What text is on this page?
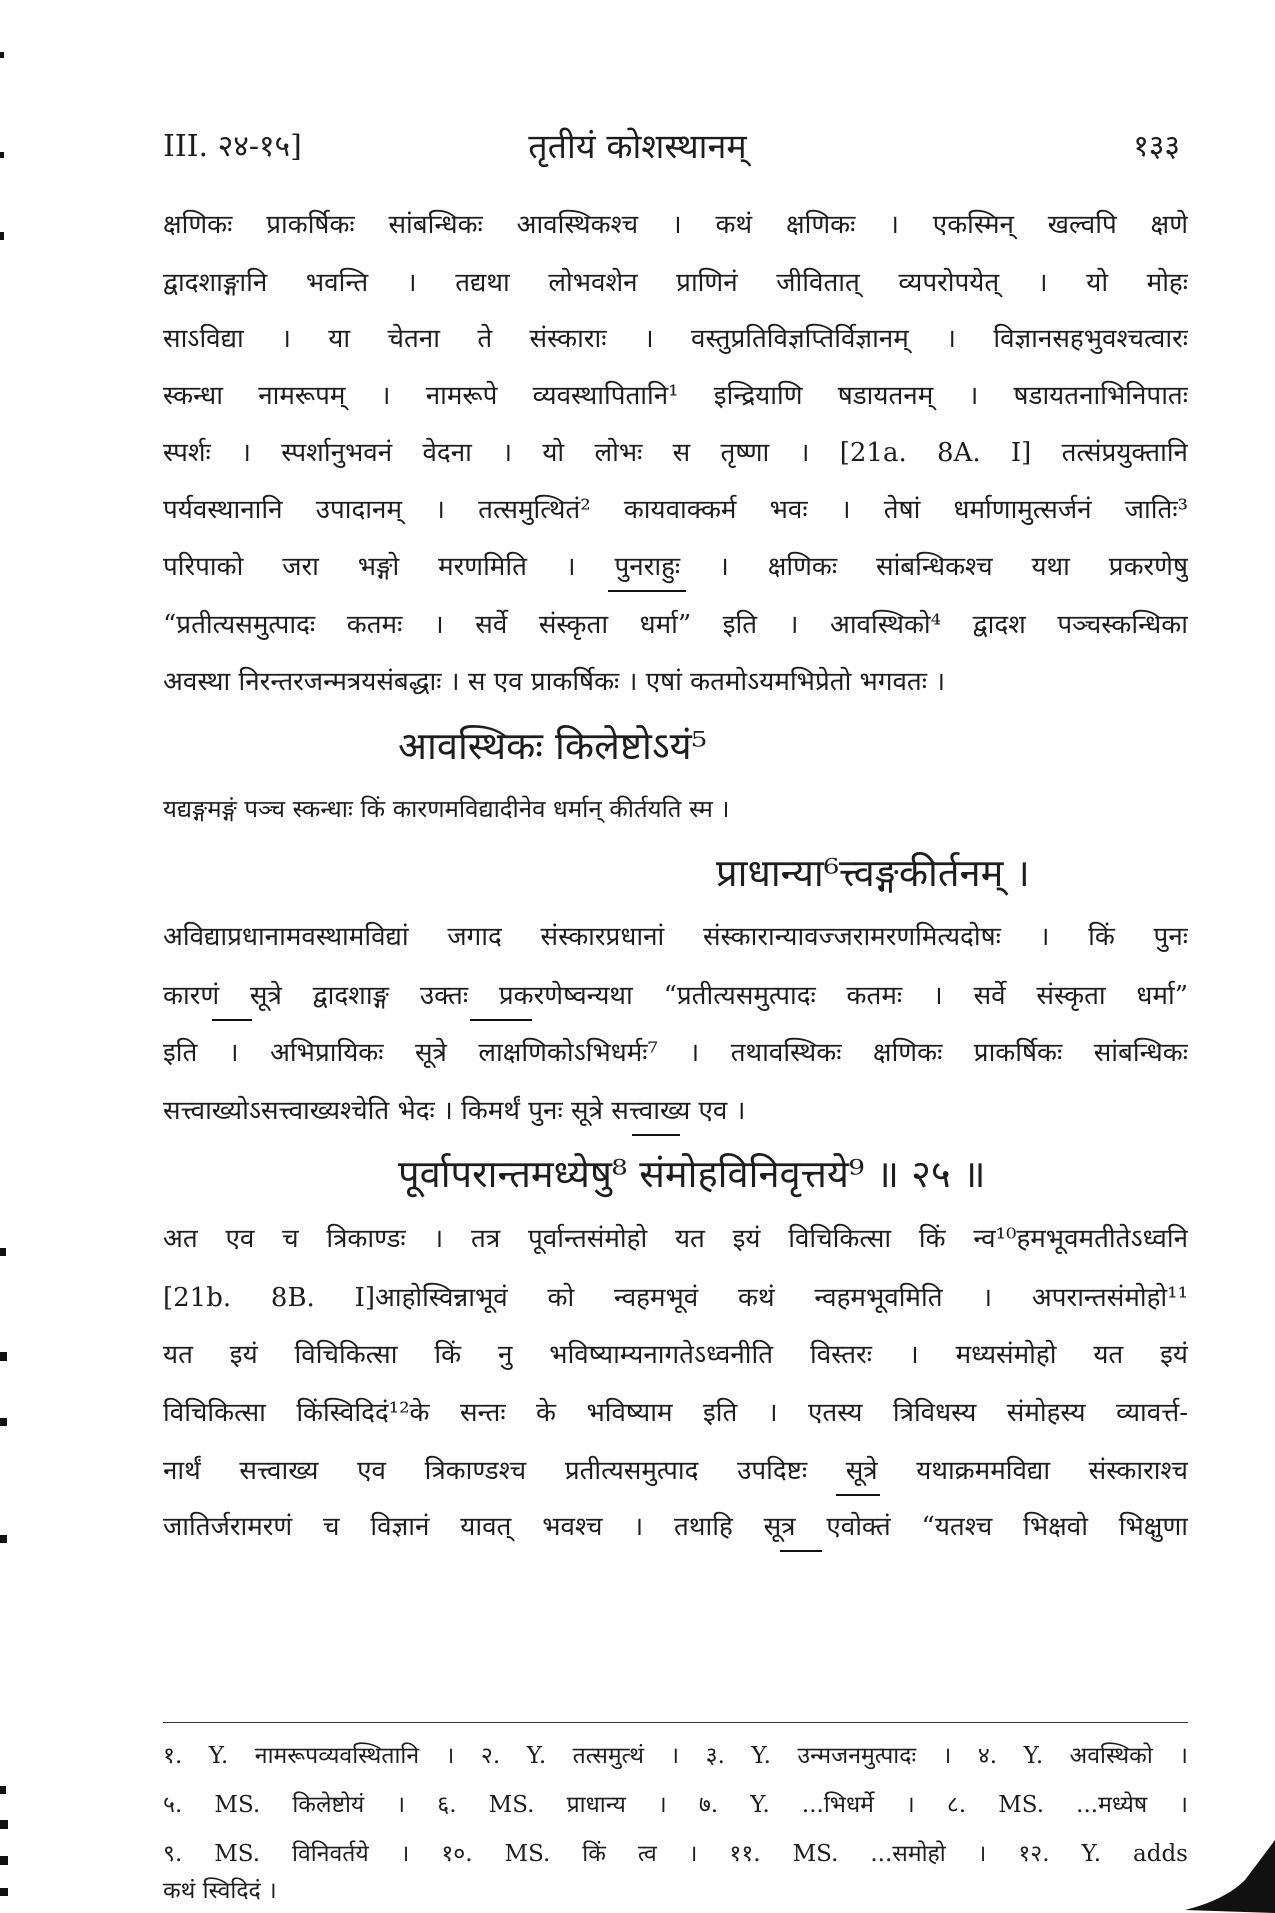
III. २४-१५]	तृतीयं कोशस्थानम्	१३३
क्षणिकः प्राकर्षिकः सांबन्धिकः आवस्थिकश्च । कथं क्षणिकः । एकस्मिन् खल्वपि क्षणे
द्वादशाङ्गानि भवन्ति । तद्यथा लोभवशेन प्राणिनं जीवितात् व्यपरोपयेत् । यो मोहः
साऽविद्या । या चेतना ते संस्काराः । वस्तुप्रतिविज्ञप्तिर्विज्ञानम् । विज्ञानसहभुवश्चत्वारः
स्कन्धा नामरूपम् । नामरूपे व्यवस्थापितानि¹ इन्द्रियाणि षडायतनम् । षडायतनाभिनिपातः
स्पर्शः । स्पर्शानुभवनं वेदना । यो लोभः स तृष्णा । [21a. 8A. I] तत्संप्रयुक्तानि
पर्यवस्थानानि उपादानम् । तत्समुत्थितं² कायवाक्कर्म भवः । तेषां धर्माणामुत्सर्जनं जातिः³
परिपाको जरा भङ्गो मरणमिति । पुनराहुः । क्षणिकः सांबन्धिकश्च यथा प्रकरणेषु
“प्रतीत्यसमुत्पादः कतमः । सर्वे संस्कृता धर्मा” इति । आवस्थिको⁴ द्वादश पञ्चस्कन्धिका
अवस्था निरन्तरजन्मत्रयसंबद्धाः । स एव प्राकर्षिकः । एषां कतमोऽयमभिप्रेतो भगवतः ।
आवस्थिकः किलेष्टोऽयं⁵
यद्यङ्गमङ्गं पञ्च स्कन्धाः किं कारणमविद्यादीनेव धर्मान् कीर्तयति स्म ।
प्राधान्या⁶त्त्वङ्गकीर्तनम् ।
अविद्याप्रधानामवस्थामविद्यां जगाद संस्कारप्रधानां संस्कारान्यावज्जरामरणमित्यदोषः । किं पुनः
कारणं सूत्रे द्वादशाङ्ग उक्तः प्रकरणेष्वन्यथा “प्रतीत्यसमुत्पादः कतमः । सर्वे संस्कृता धर्मा”
इति । अभिप्रायिकः सूत्रे लाक्षणिकोऽभिधर्मः⁷ । तथावस्थिकः क्षणिकः प्राकर्षिकः सांबन्धिकः
सत्त्वाख्योऽसत्त्वाख्यश्चेति भेदः । किमर्थं पुनः सूत्रे सत्त्वाख्य एव ।
पूर्वापरान्तमध्येषु⁸ संमोहविनिवृत्तये⁹ ॥ २५ ॥
अत एव च त्रिकाण्डः । तत्र पूर्वान्तसंमोहो यत इयं विचिकित्सा किं न्व¹⁰हमभूवमतीतेऽध्वनि
[21b. 8B. I]आहोस्विन्नाभूवं को न्वहमभूवं कथं न्वहमभूवमिति । अपरान्तसंमोहो¹¹
यत इयं विचिकित्सा किं नु भविष्याम्यनागतेऽध्वनीति विस्तरः । मध्यसंमोहो यत इयं
विचिकित्सा किंस्विदिदं¹²के सन्तः के भविष्याम इति । एतस्य त्रिविधस्य संमोहस्य व्यावर्त्त-
नार्थं सत्त्वाख्य एव त्रिकाण्डश्च प्रतीत्यसमुत्पाद उपदिष्टः सूत्रे यथाक्रममविद्या संस्काराश्च
जातिर्जरामरणं च विज्ञानं यावत् भवश्च । तथाहि सूत्र एवोक्तं “यतश्च भिक्षवो भिक्षुणा
१. Y. नामरूपव्यवस्थितानि । २. Y. तत्समुत्थं । ३. Y. उन्मजनमुत्पादः । ४. Y. अवस्थिको ।
५. MS. किलेष्टोयं । ६. MS. प्राधान्य । ७. Y. ...भिधर्मे । ८. MS. ...मध्येष ।
९. MS. विनिवर्तये । १०. MS. किं त्व । ११. MS. ...समोहो । १२. Y. adds
कथं स्विदिदं ।
